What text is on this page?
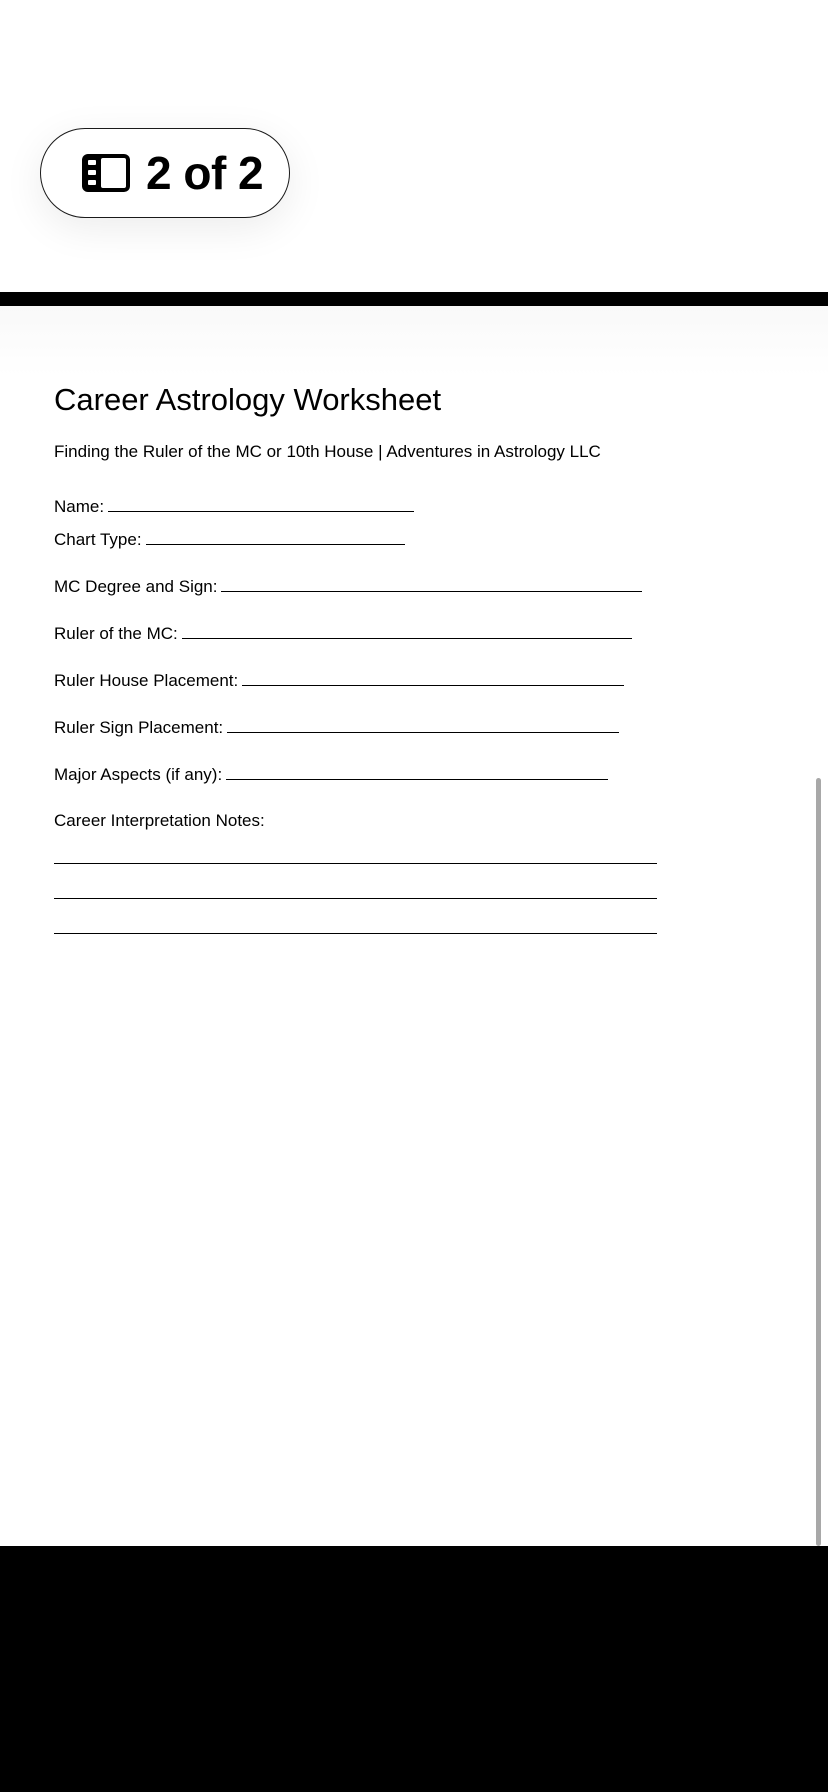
2 of 2
Career Astrology Worksheet
Finding the Ruler of the MC or 10th House | Adventures in Astrology LLC
Name:
Chart Type:
MC Degree and Sign:
Ruler of the MC:
Ruler House Placement:
Ruler Sign Placement:
Major Aspects (if any):
Career Interpretation Notes:
